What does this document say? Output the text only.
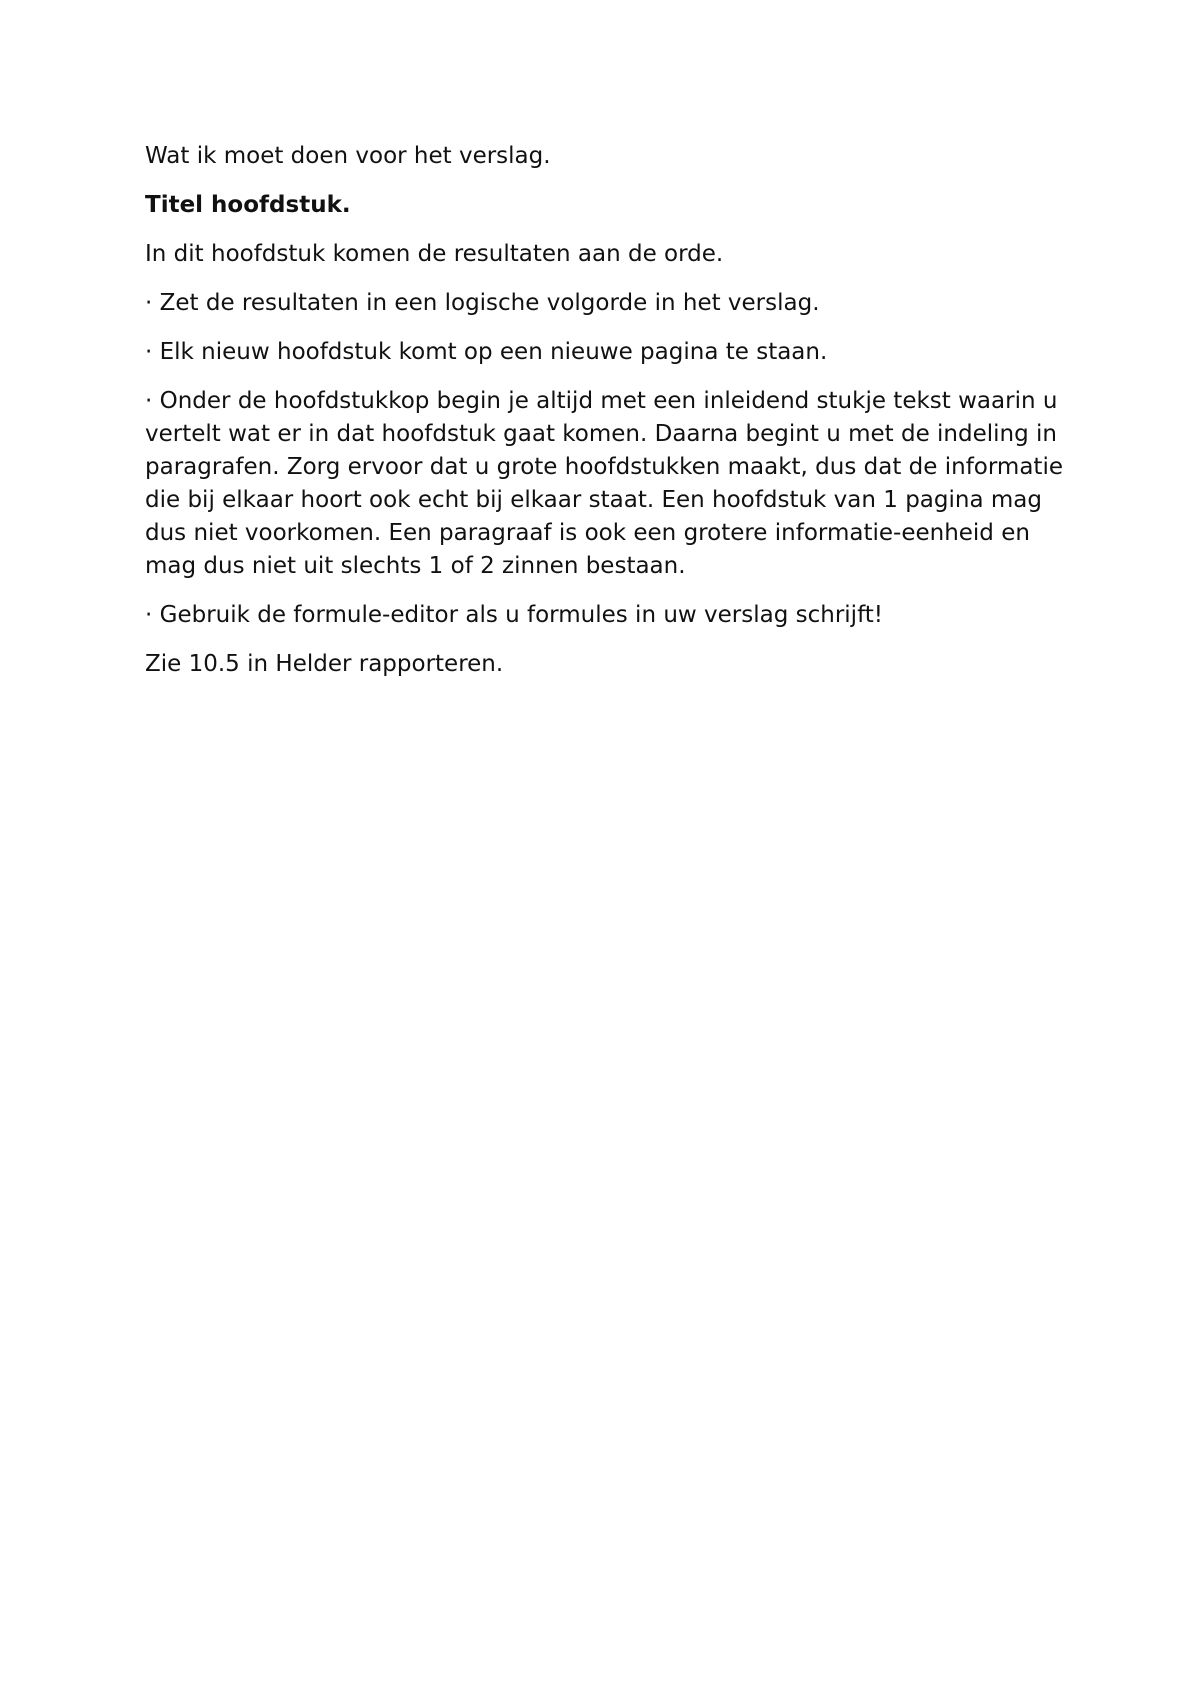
Wat ik moet doen voor het verslag.

Titel hoofdstuk.

In dit hoofdstuk komen de resultaten aan de orde.

· Zet de resultaten in een logische volgorde in het verslag.

· Elk nieuw hoofdstuk komt op een nieuwe pagina te staan.

· Onder de hoofdstukkop begin je altijd met een inleidend stukje tekst waarin u vertelt wat er in dat hoofdstuk gaat komen. Daarna begint u met de indeling in paragrafen. Zorg ervoor dat u grote hoofdstukken maakt, dus dat de informatie die bij elkaar hoort ook echt bij elkaar staat. Een hoofdstuk van 1 pagina mag dus niet voorkomen. Een paragraaf is ook een grotere informatie-eenheid en mag dus niet uit slechts 1 of 2 zinnen bestaan.

· Gebruik de formule-editor als u formules in uw verslag schrijft!

Zie 10.5 in Helder rapporteren.
